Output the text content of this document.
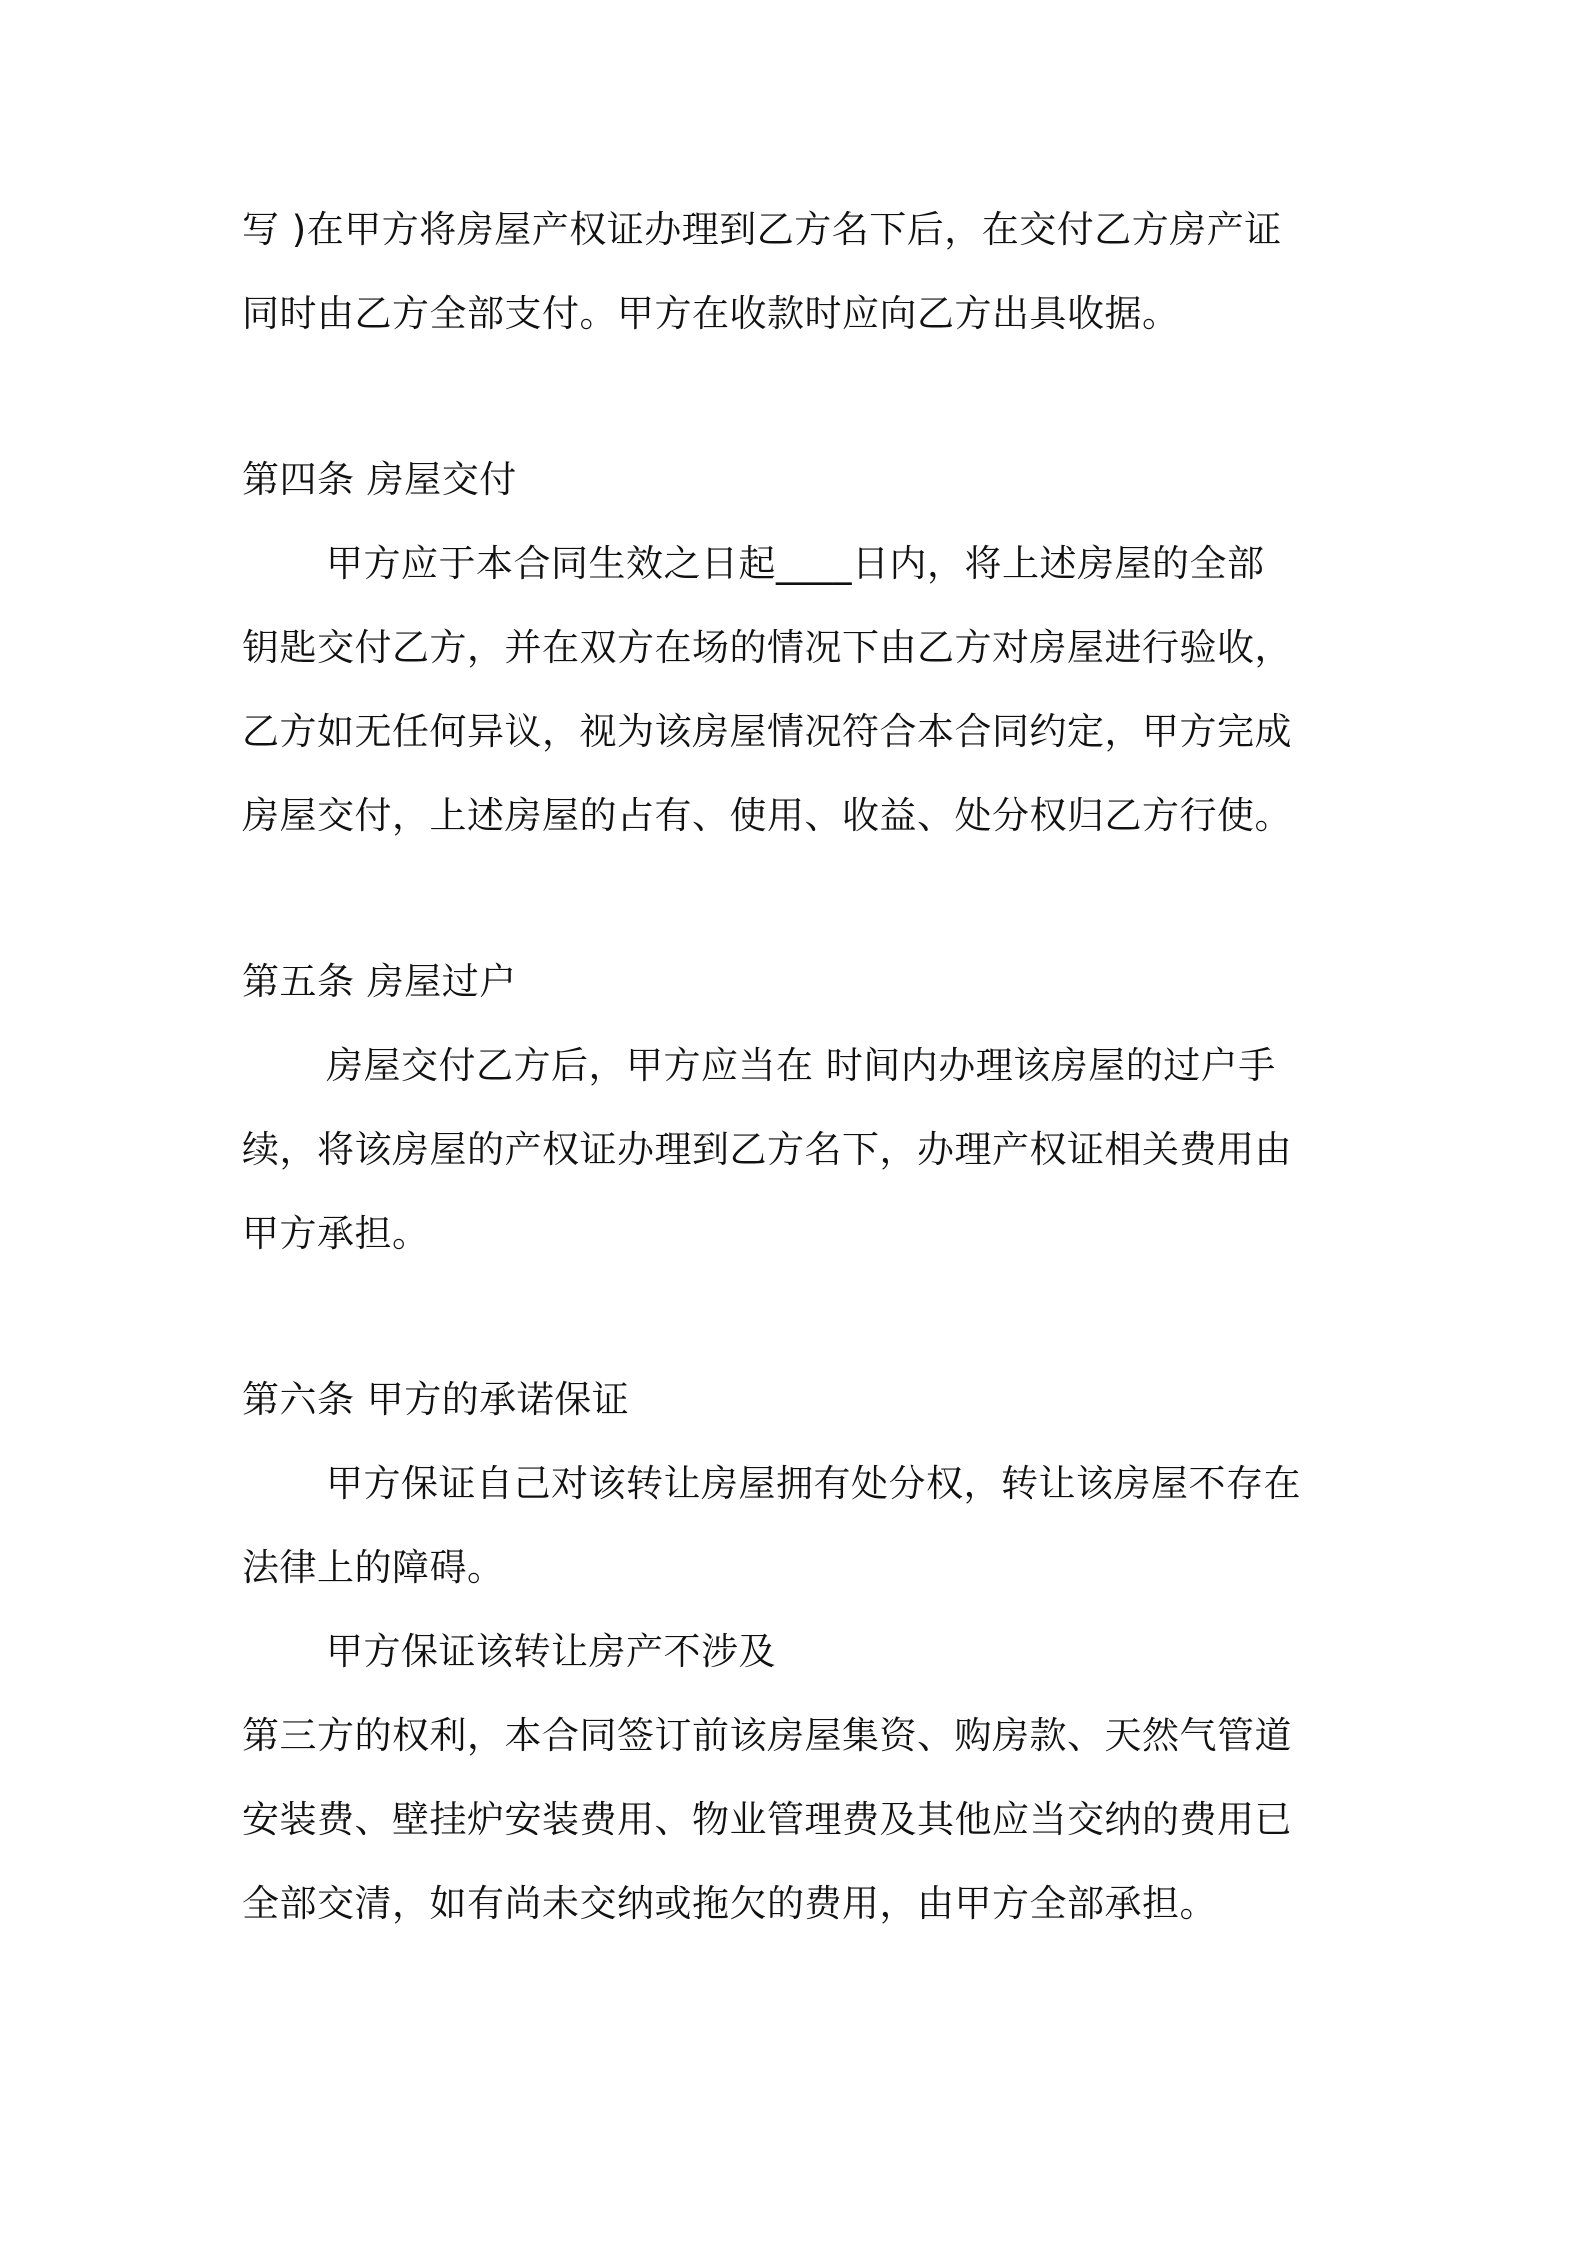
写 )在甲方将房屋产权证办理到乙方名下后，在交付乙方房产证
同时由乙方全部支付。甲方在收款时应向乙方出具收据。
第四条 房屋交付
甲方应于本合同生效之日起____日内，将上述房屋的全部
钥匙交付乙方，并在双方在场的情况下由乙方对房屋进行验收，
乙方如无任何异议，视为该房屋情况符合本合同约定，甲方完成
房屋交付，上述房屋的占有、使用、收益、处分权归乙方行使。
第五条 房屋过户
房屋交付乙方后，甲方应当在 时间内办理该房屋的过户手
续，将该房屋的产权证办理到乙方名下，办理产权证相关费用由
甲方承担。
第六条 甲方的承诺保证
甲方保证自己对该转让房屋拥有处分权，转让该房屋不存在
法律上的障碍。
甲方保证该转让房产不涉及
第三方的权利，本合同签订前该房屋集资、购房款、天然气管道
安装费、壁挂炉安装费用、物业管理费及其他应当交纳的费用已
全部交清，如有尚未交纳或拖欠的费用，由甲方全部承担。
